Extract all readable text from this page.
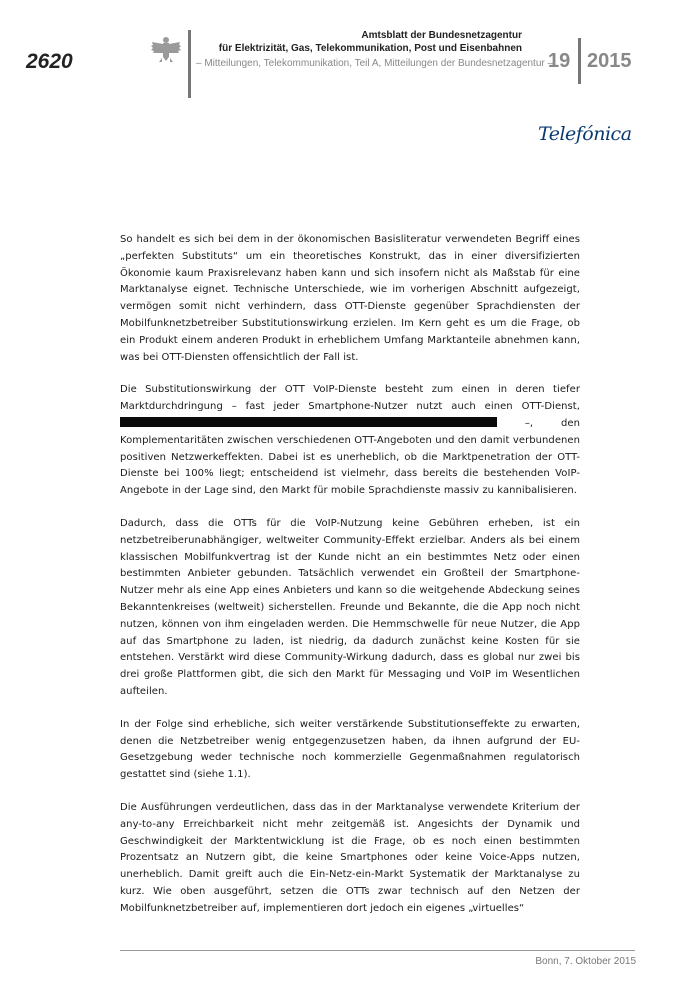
2620
Amtsblatt der Bundesnetzagentur
für Elektrizität, Gas, Telekommunikation, Post und Eisenbahnen
– Mitteilungen, Telekommunikation, Teil A, Mitteilungen der Bundesnetzagentur –
19 2015
Telefónica

So handelt es sich bei dem in der ökonomischen Basisliteratur verwendeten Begriff eines „perfekten Substituts“ um ein theoretisches Konstrukt, das in einer diversifizierten Ökonomie kaum Praxisrelevanz haben kann und sich insofern nicht als Maßstab für eine Marktanalyse eignet. Technische Unterschiede, wie im vorherigen Abschnitt aufgezeigt, vermögen somit nicht verhindern, dass OTT-Dienste gegenüber Sprachdiensten der Mobilfunknetzbetreiber Substitutionswirkung erzielen. Im Kern geht es um die Frage, ob ein Produkt einem anderen Produkt in erheblichem Umfang Marktanteile abnehmen kann, was bei OTT-Diensten offensichtlich der Fall ist.

Die Substitutionswirkung der OTT VoIP-Dienste besteht zum einen in deren tiefer Marktdurchdringung – fast jeder Smartphone-Nutzer nutzt auch einen OTT-Dienst,  –, den Komplementaritäten zwischen verschiedenen OTT-Angeboten und den damit verbundenen positiven Netzwerkeffekten. Dabei ist es unerheblich, ob die Marktpenetration der OTT-Dienste bei 100% liegt; entscheidend ist vielmehr, dass bereits die bestehenden VoIP-Angebote in der Lage sind, den Markt für mobile Sprachdienste massiv zu kannibalisieren.

Dadurch, dass die OTTs für die VoIP-Nutzung keine Gebühren erheben, ist ein netzbetreiberunabhängiger, weltweiter Community-Effekt erzielbar. Anders als bei einem klassischen Mobilfunkvertrag ist der Kunde nicht an ein bestimmtes Netz oder einen bestimmten Anbieter gebunden. Tatsächlich verwendet ein Großteil der Smartphone-Nutzer mehr als eine App eines Anbieters und kann so die weitgehende Abdeckung seines Bekanntenkreises (weltweit) sicherstellen. Freunde und Bekannte, die die App noch nicht nutzen, können von ihm eingeladen werden. Die Hemmschwelle für neue Nutzer, die App auf das Smartphone zu laden, ist niedrig, da dadurch zunächst keine Kosten für sie entstehen. Verstärkt wird diese Community-Wirkung dadurch, dass es global nur zwei bis drei große Plattformen gibt, die sich den Markt für Messaging und VoIP im Wesentlichen aufteilen.

In der Folge sind erhebliche, sich weiter verstärkende Substitutionseffekte zu erwarten, denen die Netzbetreiber wenig entgegenzusetzen haben, da ihnen aufgrund der EU-Gesetzgebung weder technische noch kommerzielle Gegenmaßnahmen regulatorisch gestattet sind (siehe 1.1).

Die Ausführungen verdeutlichen, dass das in der Marktanalyse verwendete Kriterium der any-to-any Erreichbarkeit nicht mehr zeitgemäß ist. Angesichts der Dynamik und Geschwindigkeit der Marktentwicklung ist die Frage, ob es noch einen bestimmten Prozentsatz an Nutzern gibt, die keine Smartphones oder keine Voice-Apps nutzen, unerheblich. Damit greift auch die Ein-Netz-ein-Markt Systematik der Marktanalyse zu kurz. Wie oben ausgeführt, setzen die OTTs zwar technisch auf den Netzen der Mobilfunknetzbetreiber auf, implementieren dort jedoch ein eigenes „virtuelles“

Bonn, 7. Oktober 2015
